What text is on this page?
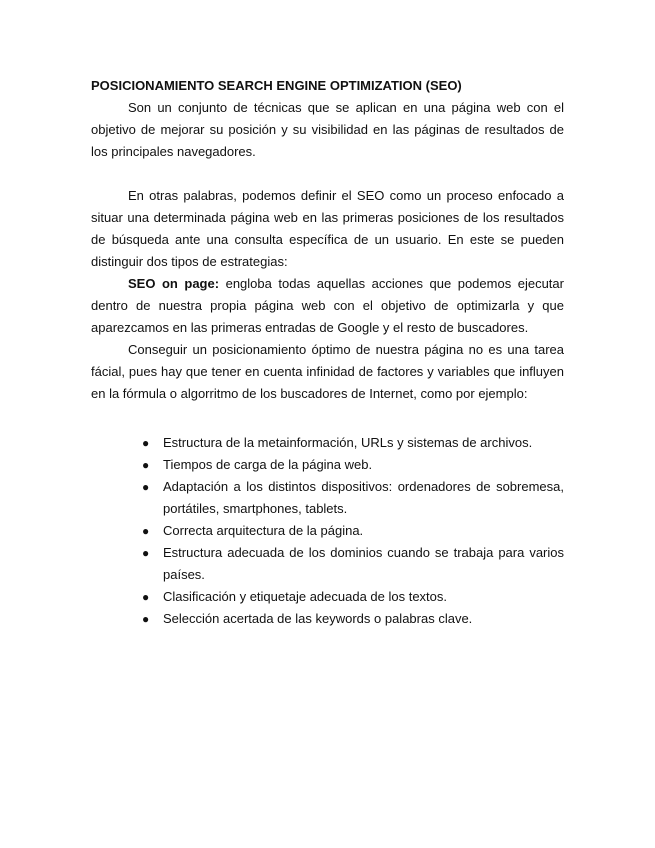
POSICIONAMIENTO SEARCH ENGINE OPTIMIZATION (SEO)

Son un conjunto de técnicas que se aplican en una página web con el objetivo de mejorar su posición y su visibilidad en las páginas de resultados de los principales navegadores.

En otras palabras, podemos definir el SEO como un proceso enfocado a situar una determinada página web en las primeras posiciones de los resultados de búsqueda ante una consulta específica de un usuario. En este se pueden distinguir dos tipos de estrategias:

SEO on page: engloba todas aquellas acciones que podemos ejecutar dentro de nuestra propia página web con el objetivo de optimizarla y que aparezcamos en las primeras entradas de Google y el resto de buscadores.

Conseguir un posicionamiento óptimo de nuestra página no es una tarea fácial, pues hay que tener en cuenta infinidad de factores y variables que influyen en la fórmula o algorritmo de los buscadores de Internet, como por ejemplo:

● Estructura de la metainformación, URLs y sistemas de archivos.
● Tiempos de carga de la página web.
● Adaptación a los distintos dispositivos: ordenadores de sobremesa, portátiles, smartphones, tablets.
● Correcta arquitectura de la página.
● Estructura adecuada de los dominios cuando se trabaja para varios países.
● Clasificación y etiquetaje adecuada de los textos.
● Selección acertada de las keywords o palabras clave.
